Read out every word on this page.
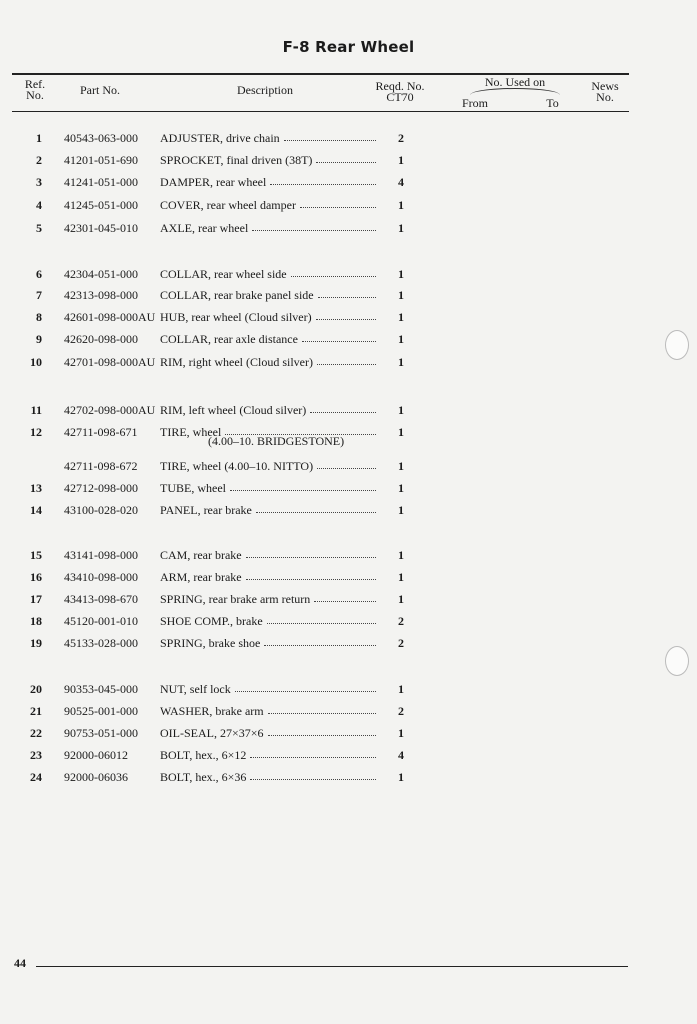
F-8 Rear Wheel
Ref.
No.	Part No.	Description	Reqd. No.
CT70
No. Used on
From	To
News
No.
1 40543-063-000 ADJUSTER, drive chain	2
2 41201-051-690 SPROCKET, final driven (38T)	1
3 41241-051-000 DAMPER, rear wheel	4
4 41245-051-000 COVER, rear wheel damper	1
5 42301-045-010 AXLE, rear wheel	1
6 42304-051-000 COLLAR, rear wheel side	1
7 42313-098-000 COLLAR, rear brake panel side	1
8 42601-098-000AU HUB, rear wheel (Cloud silver)	1
9 42620-098-000 COLLAR, rear axle distance	1
10 42701-098-000AU RIM, right wheel (Cloud silver)	1
11 42702-098-000AU RIM, left wheel (Cloud silver)	1
12 42711-098-671 TIRE, wheel	1
(4.00–10. BRIDGESTONE)
42711-098-672 TIRE, wheel (4.00–10. NITTO)	1
13 42712-098-000 TUBE, wheel	1
14 43100-028-020 PANEL, rear brake	1
15 43141-098-000 CAM, rear brake	1
16 43410-098-000 ARM, rear brake	1
17 43413-098-670 SPRING, rear brake arm return	1
18 45120-001-010 SHOE COMP., brake	2
19 45133-028-000 SPRING, brake shoe	2
20 90353-045-000 NUT, self lock	1
21 90525-001-000 WASHER, brake arm	2
22 90753-051-000 OIL-SEAL, 27×37×6	1
23 92000-06012	BOLT, hex., 6×12	4
24 92000-06036	BOLT, hex., 6×36	1
44
